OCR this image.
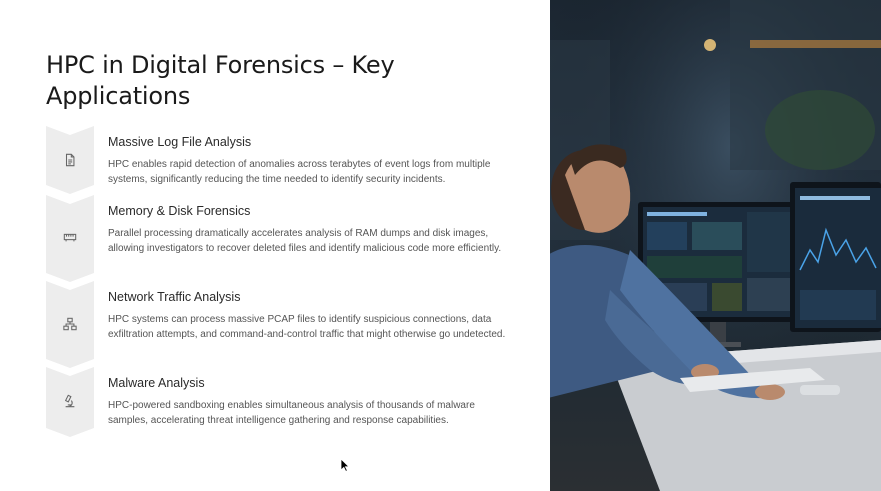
HPC in Digital Forensics – Key Applications
Massive Log File Analysis
HPC enables rapid detection of anomalies across terabytes of event logs from multiple systems, significantly reducing the time needed to identify security incidents.
Memory & Disk Forensics
Parallel processing dramatically accelerates analysis of RAM dumps and disk images, allowing investigators to recover deleted files and identify malicious code more efficiently.
Network Traffic Analysis
HPC systems can process massive PCAP files to identify suspicious connections, data exfiltration attempts, and command-and-control traffic that might otherwise go undetected.
Malware Analysis
HPC-powered sandboxing enables simultaneous analysis of thousands of malware samples, accelerating threat intelligence gathering and response capabilities.
